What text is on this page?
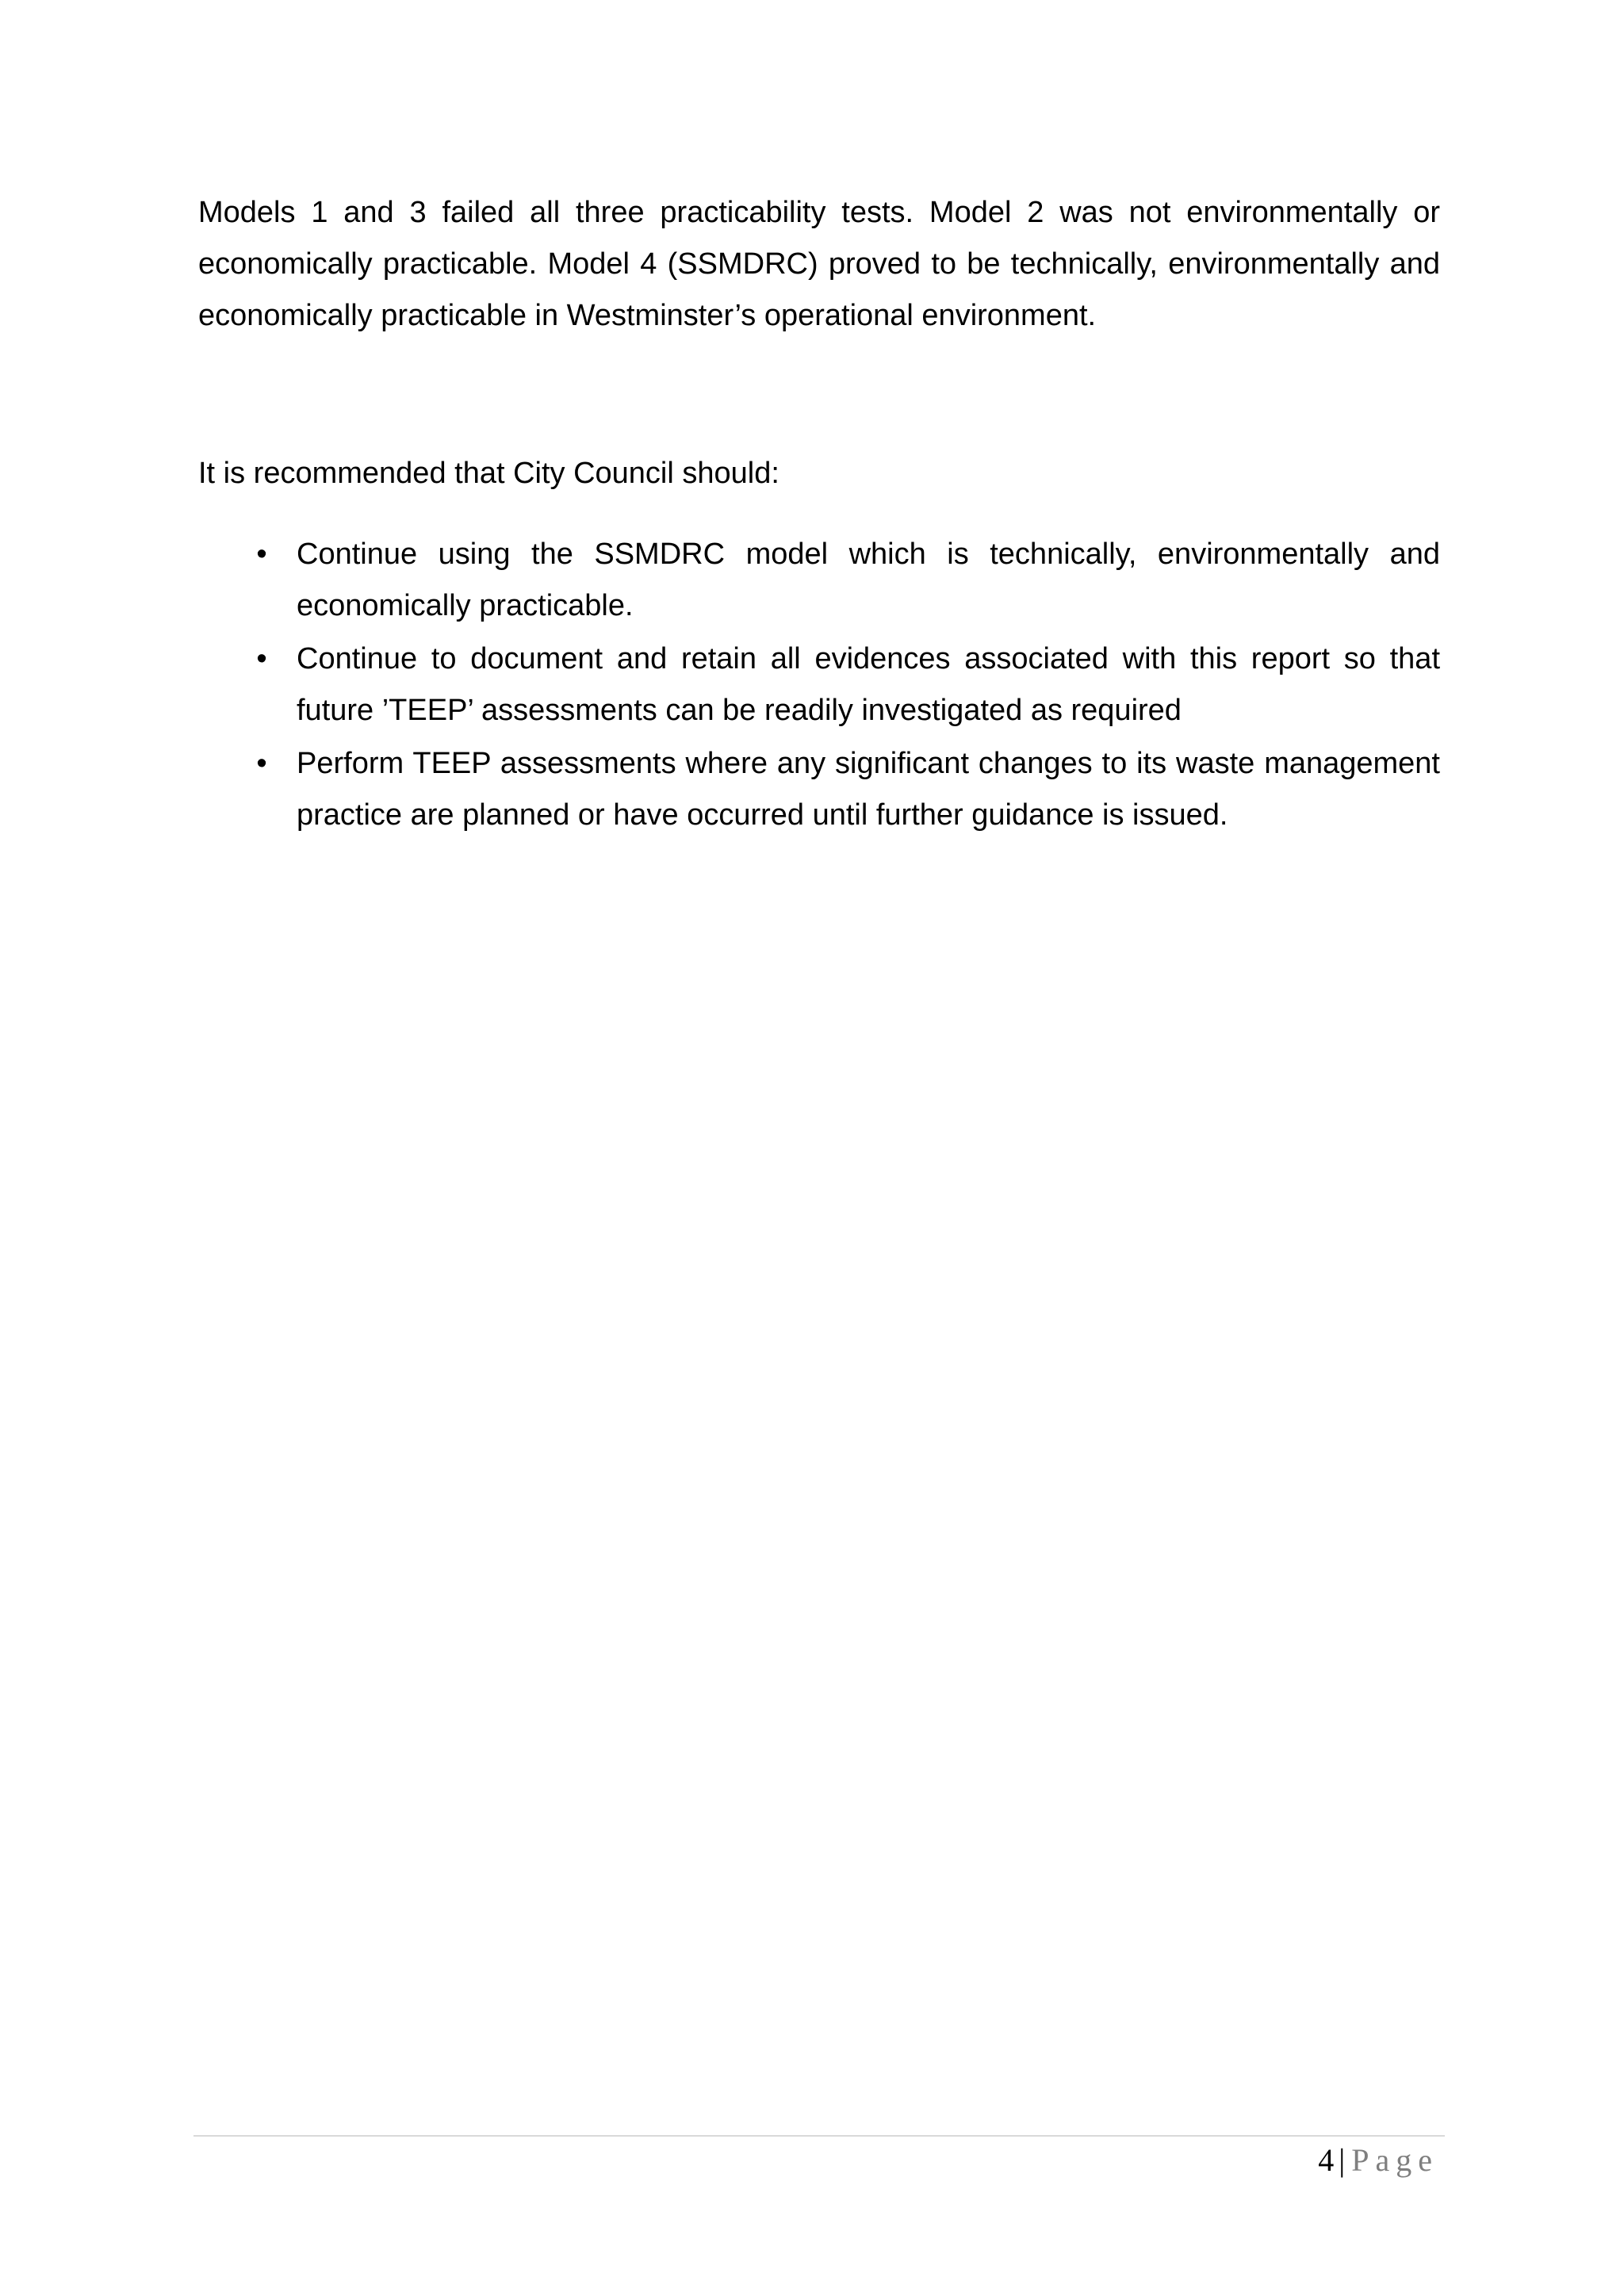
Models 1 and 3 failed all three practicability tests. Model 2 was not environmentally or economically practicable. Model 4 (SSMDRC) proved to be technically, environmentally and economically practicable in Westminster’s operational environment.

It is recommended that City Council should:

• Continue using the SSMDRC model which is technically, environmentally and economically practicable.
• Continue to document and retain all evidences associated with this report so that future ’TEEP’ assessments can be readily investigated as required
• Perform TEEP assessments where any significant changes to its waste management practice are planned or have occurred until further guidance is issued.
4 | Page
